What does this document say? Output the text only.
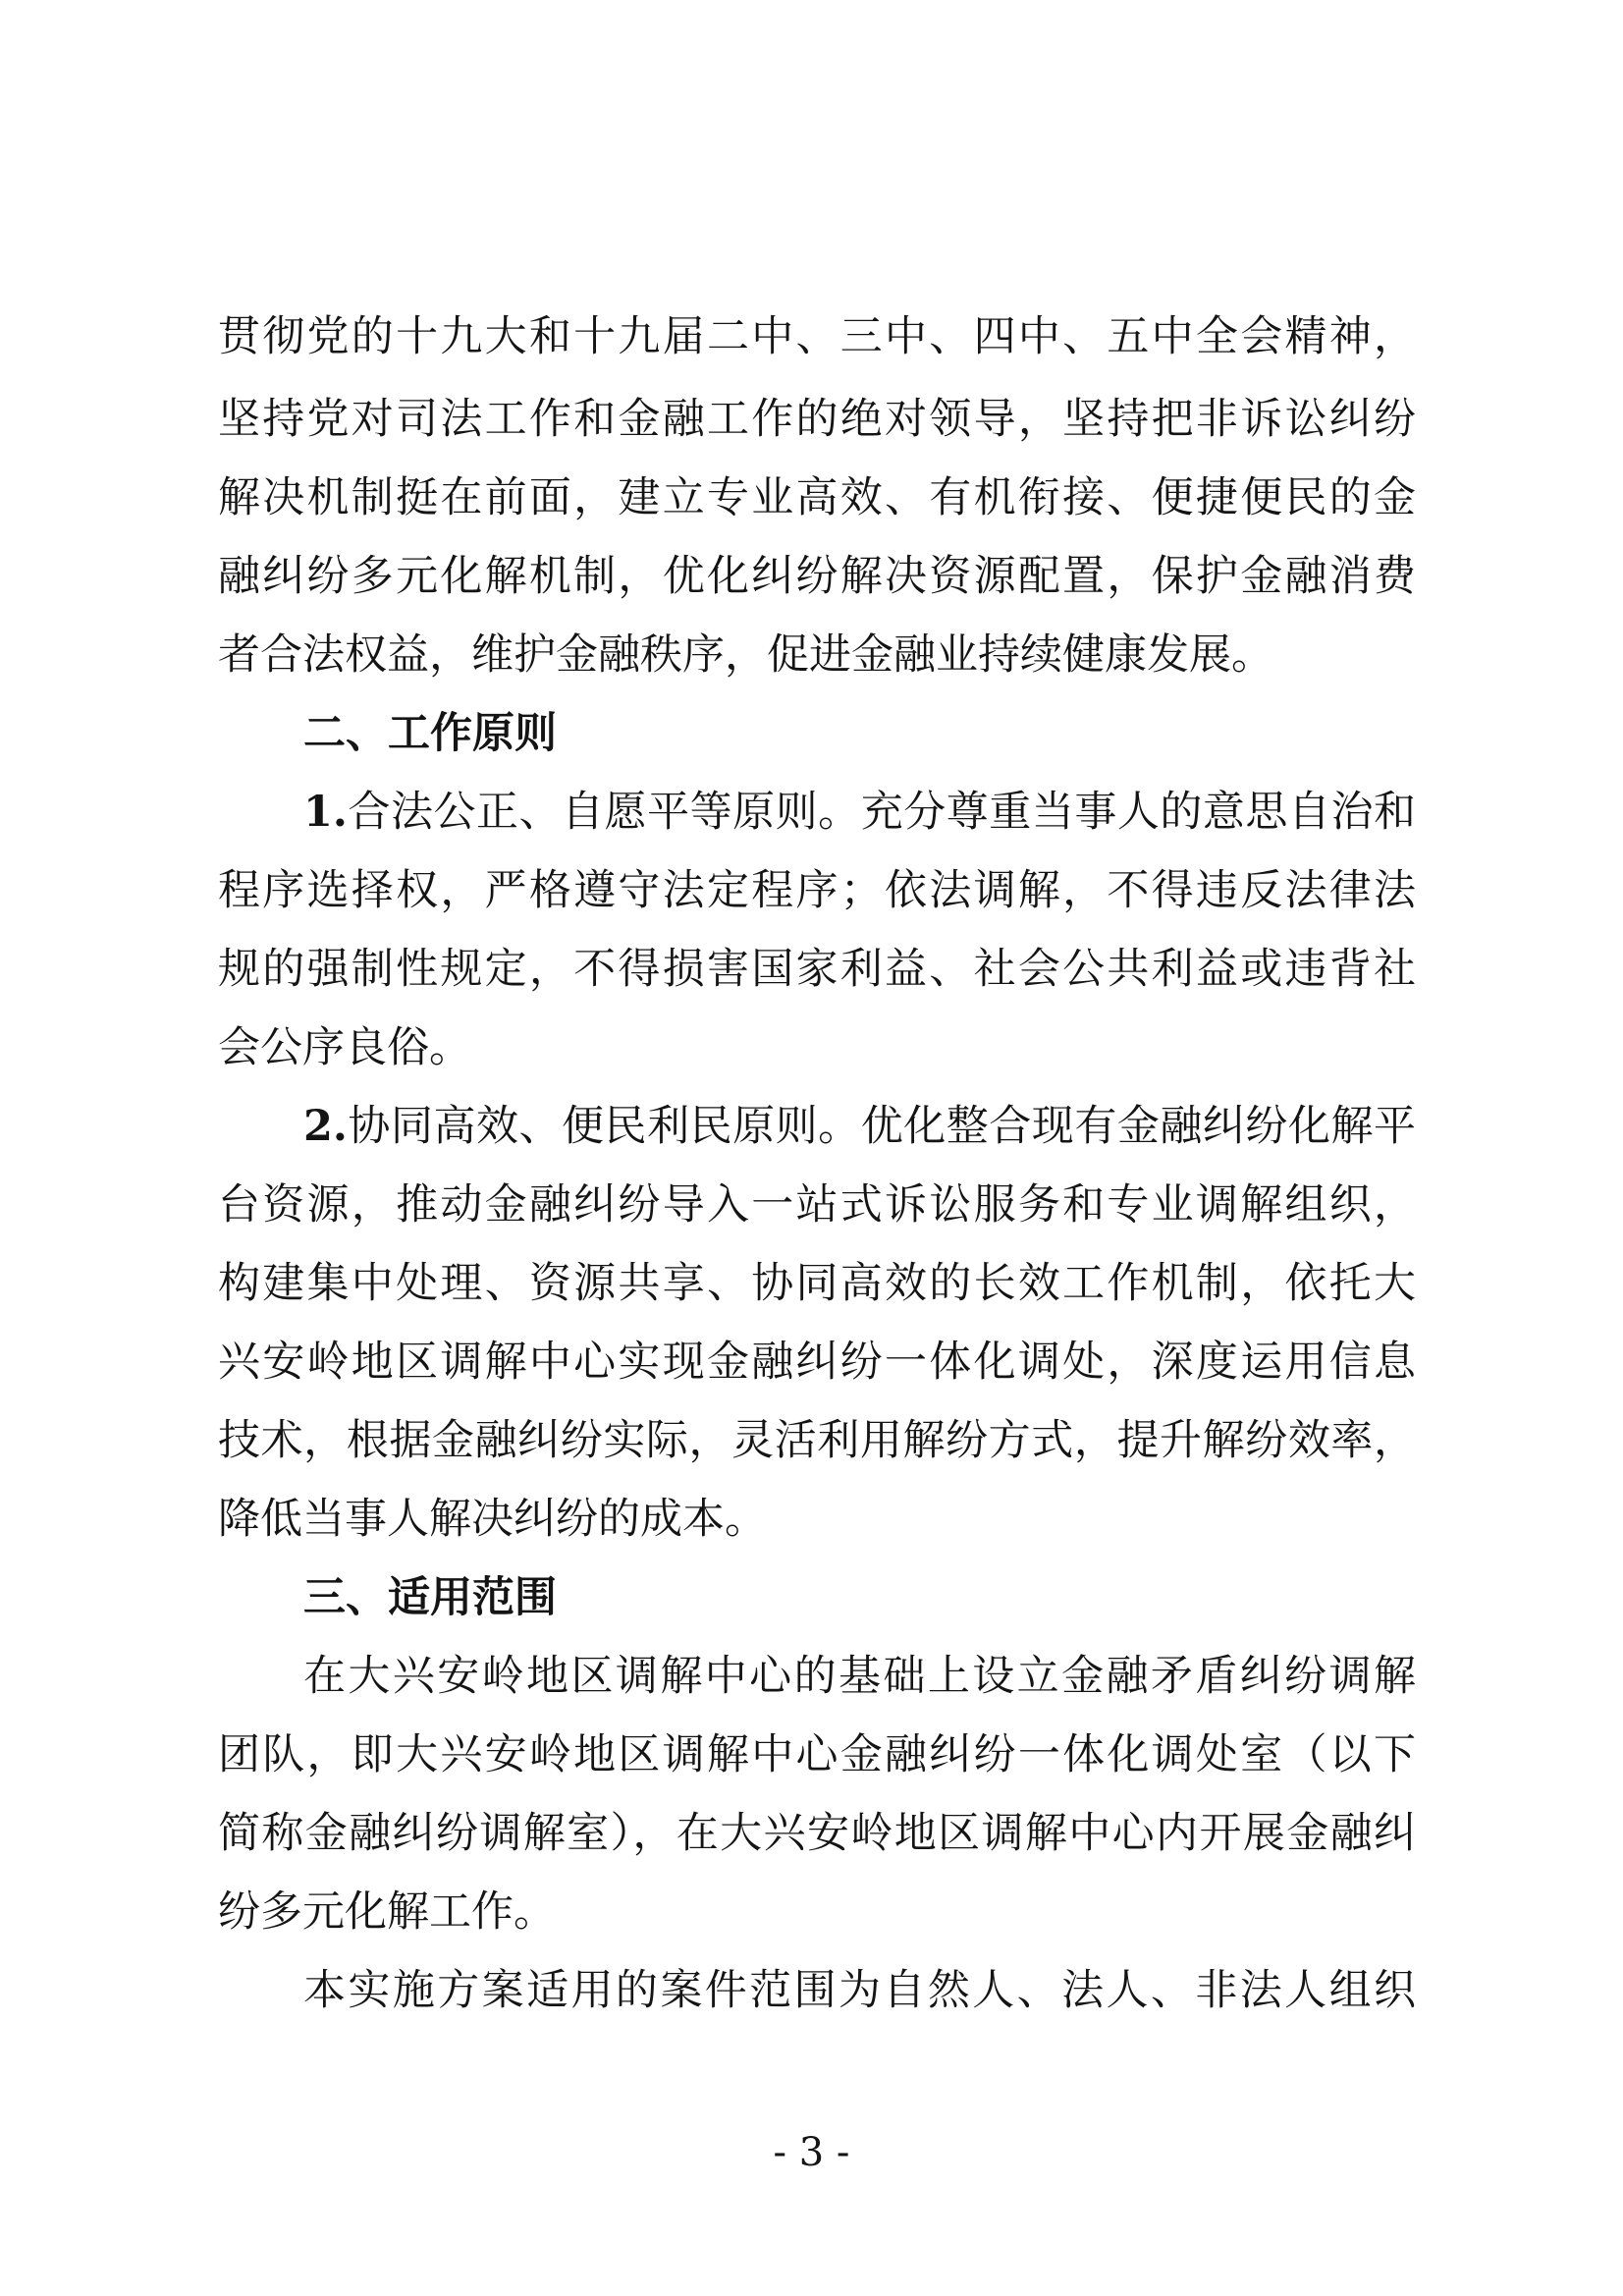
贯彻党的十九大和十九届二中、三中、四中、五中全会精神，
坚持党对司法工作和金融工作的绝对领导，坚持把非诉讼纠纷
解决机制挺在前面，建立专业高效、有机衔接、便捷便民的金
融纠纷多元化解机制，优化纠纷解决资源配置，保护金融消费
者合法权益，维护金融秩序，促进金融业持续健康发展。
二、工作原则
1.合法公正、自愿平等原则。充分尊重当事人的意思自治和
程序选择权，严格遵守法定程序；依法调解，不得违反法律法
规的强制性规定，不得损害国家利益、社会公共利益或违背社
会公序良俗。
2.协同高效、便民利民原则。优化整合现有金融纠纷化解平
台资源，推动金融纠纷导入一站式诉讼服务和专业调解组织，
构建集中处理、资源共享、协同高效的长效工作机制，依托大
兴安岭地区调解中心实现金融纠纷一体化调处，深度运用信息
技术，根据金融纠纷实际，灵活利用解纷方式，提升解纷效率，
降低当事人解决纠纷的成本。
三、适用范围
在大兴安岭地区调解中心的基础上设立金融矛盾纠纷调解
团队，即大兴安岭地区调解中心金融纠纷一体化调处室（以下
简称金融纠纷调解室），在大兴安岭地区调解中心内开展金融纠
纷多元化解工作。
本实施方案适用的案件范围为自然人、法人、非法人组织
- 3 -
